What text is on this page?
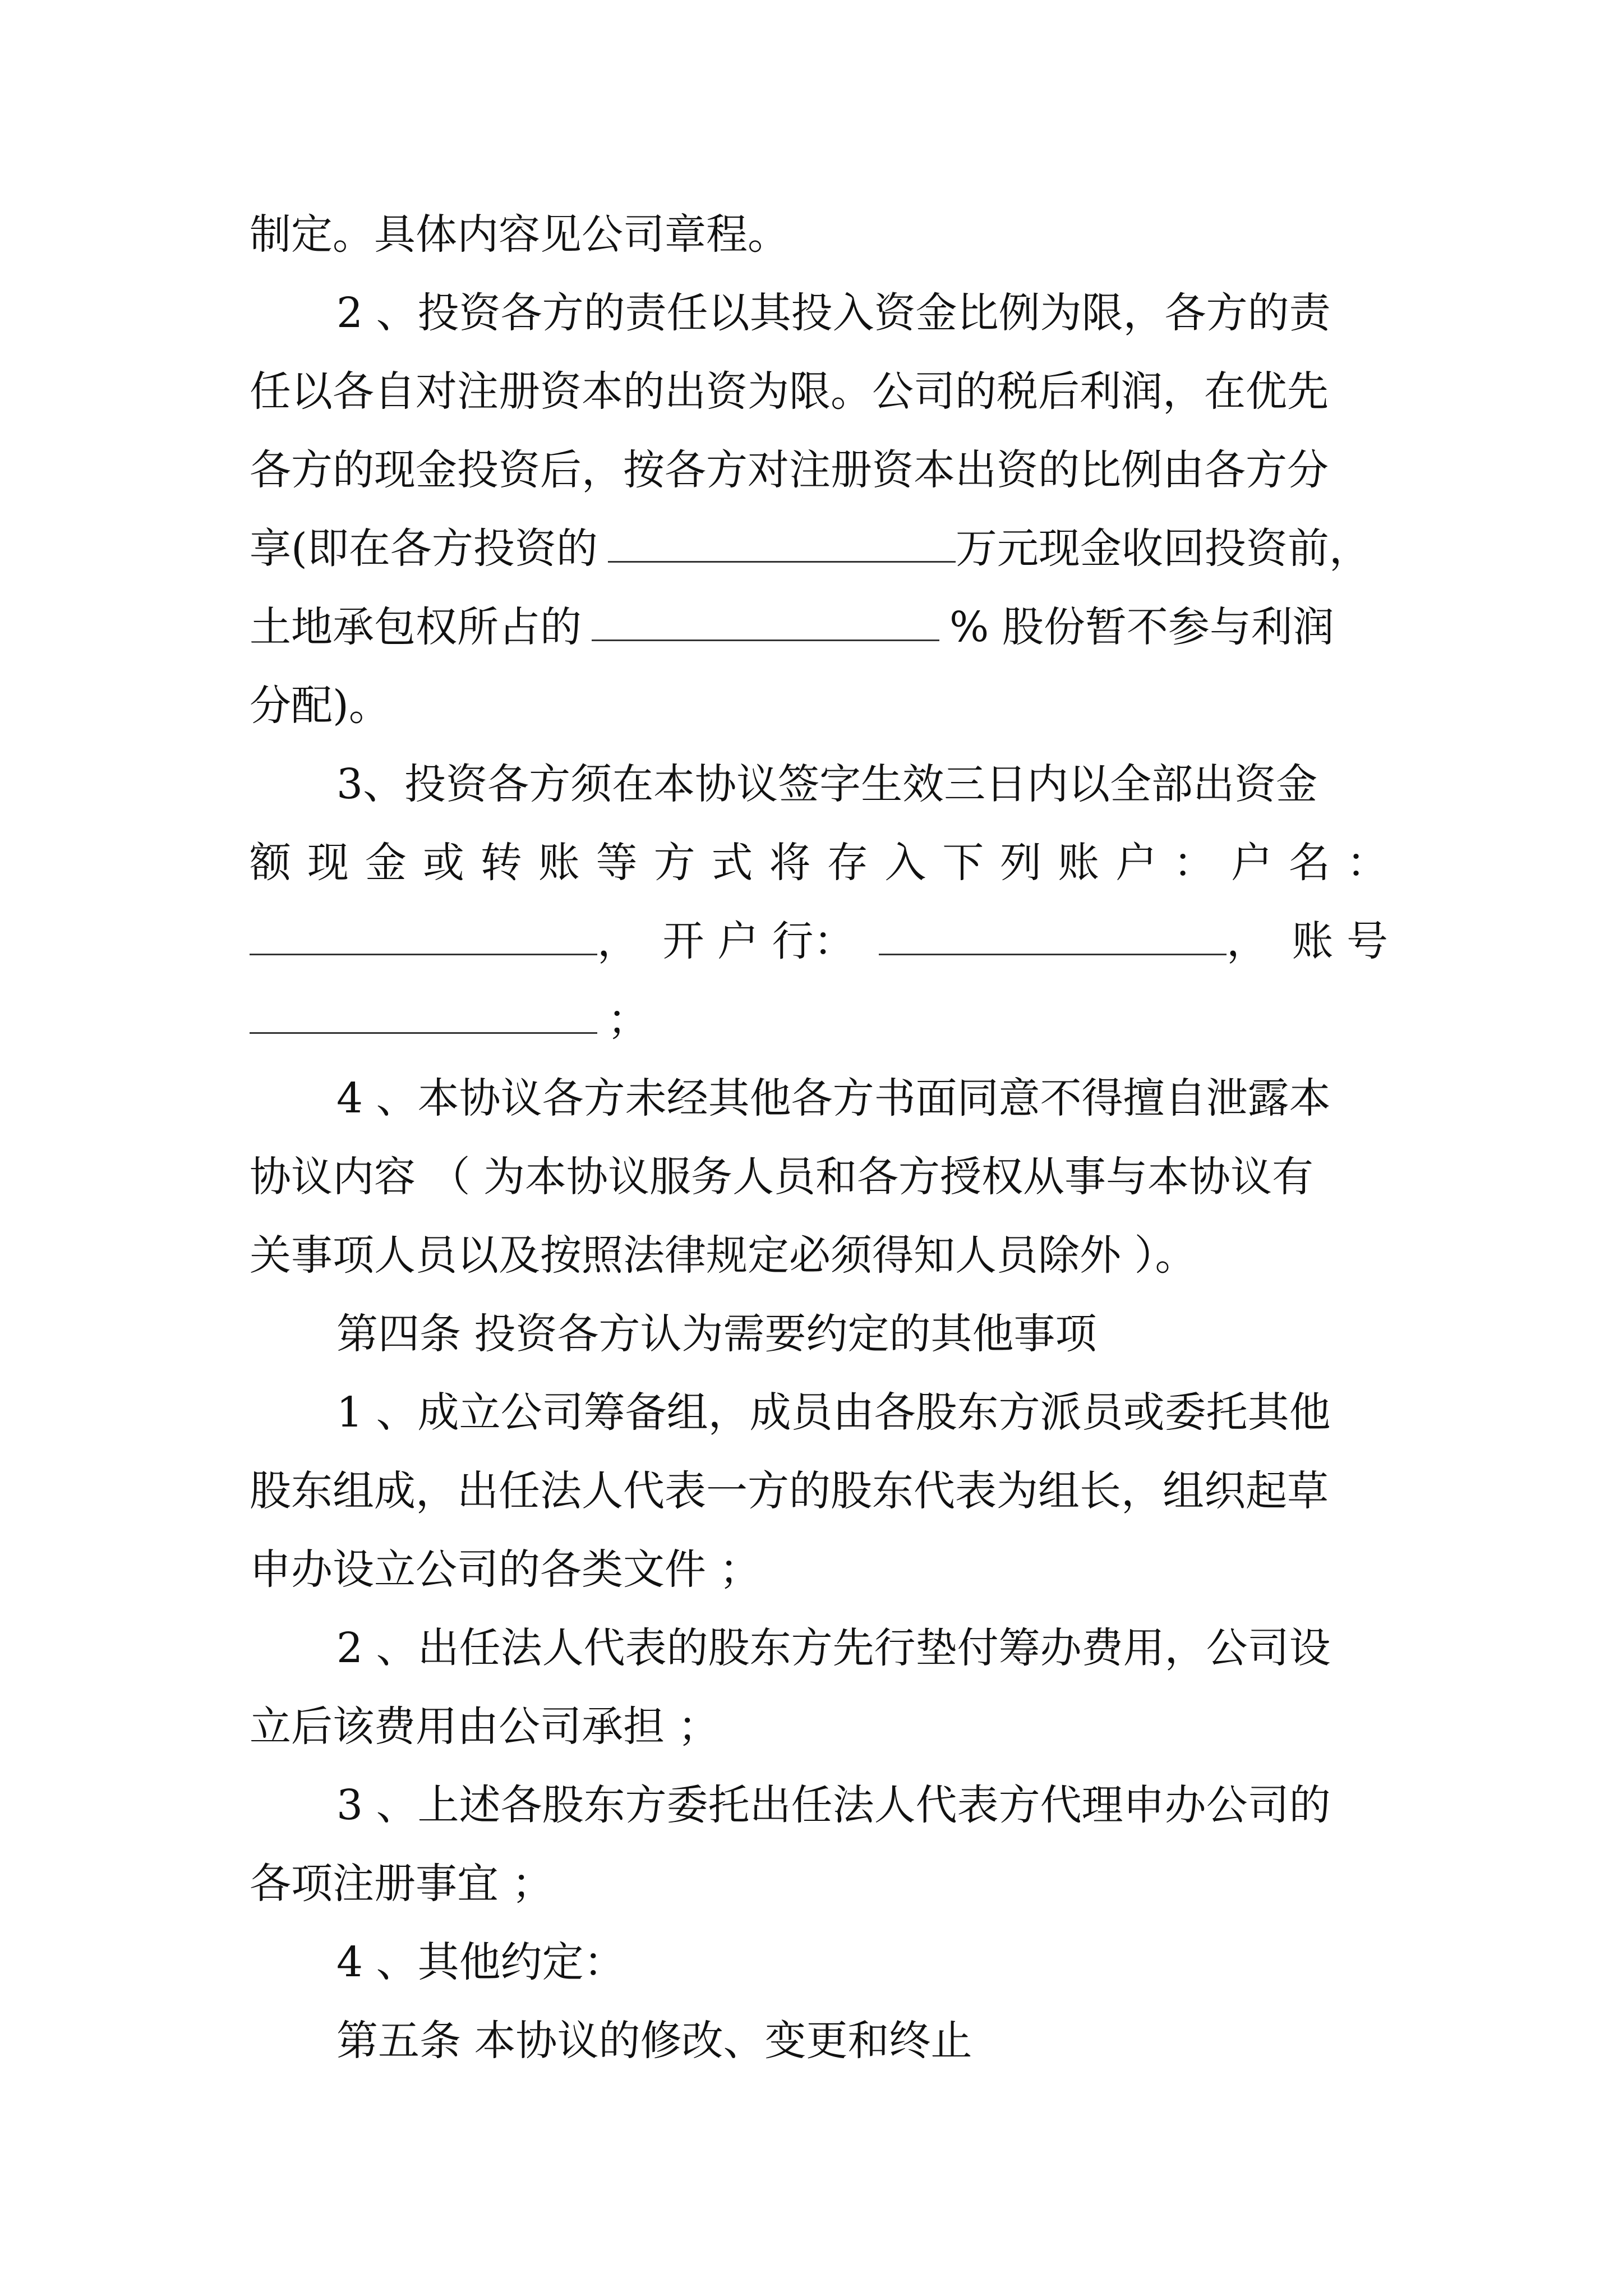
制定。具体内容见公司章程。
2 、投资各方的责任以其投入资金比例为限，各方的责
任以各自对注册资本的出资为限。公司的税后利润，在优先
各方的现金投资后，按各方对注册资本出资的比例由各方分
享(即在各方投资的	万元现金收回投资前，
土地承包权所占的	% 股份暂不参与利润
分配)。
3、投资各方须在本协议签字生效三日内以全部出资金
额 现 金 或 转 账 等 方 式 将 存 入 下 列 账 户 ： 户 名 ：
， 开 户 行：	， 账 号
；
4 、本协议各方未经其他各方书面同意不得擅自泄露本
协议内容 （ 为本协议服务人员和各方授权从事与本协议有
关事项人员以及按照法律规定必须得知人员除外 ）。
第四条 投资各方认为需要约定的其他事项
1 、成立公司筹备组，成员由各股东方派员或委托其他
股东组成，出任法人代表一方的股东代表为组长，组织起草
申办设立公司的各类文件 ；
2 、出任法人代表的股东方先行垫付筹办费用，公司设
立后该费用由公司承担 ；
3 、上述各股东方委托出任法人代表方代理申办公司的
各项注册事宜 ；
4 、其他约定：
第五条 本协议的修改、变更和终止
